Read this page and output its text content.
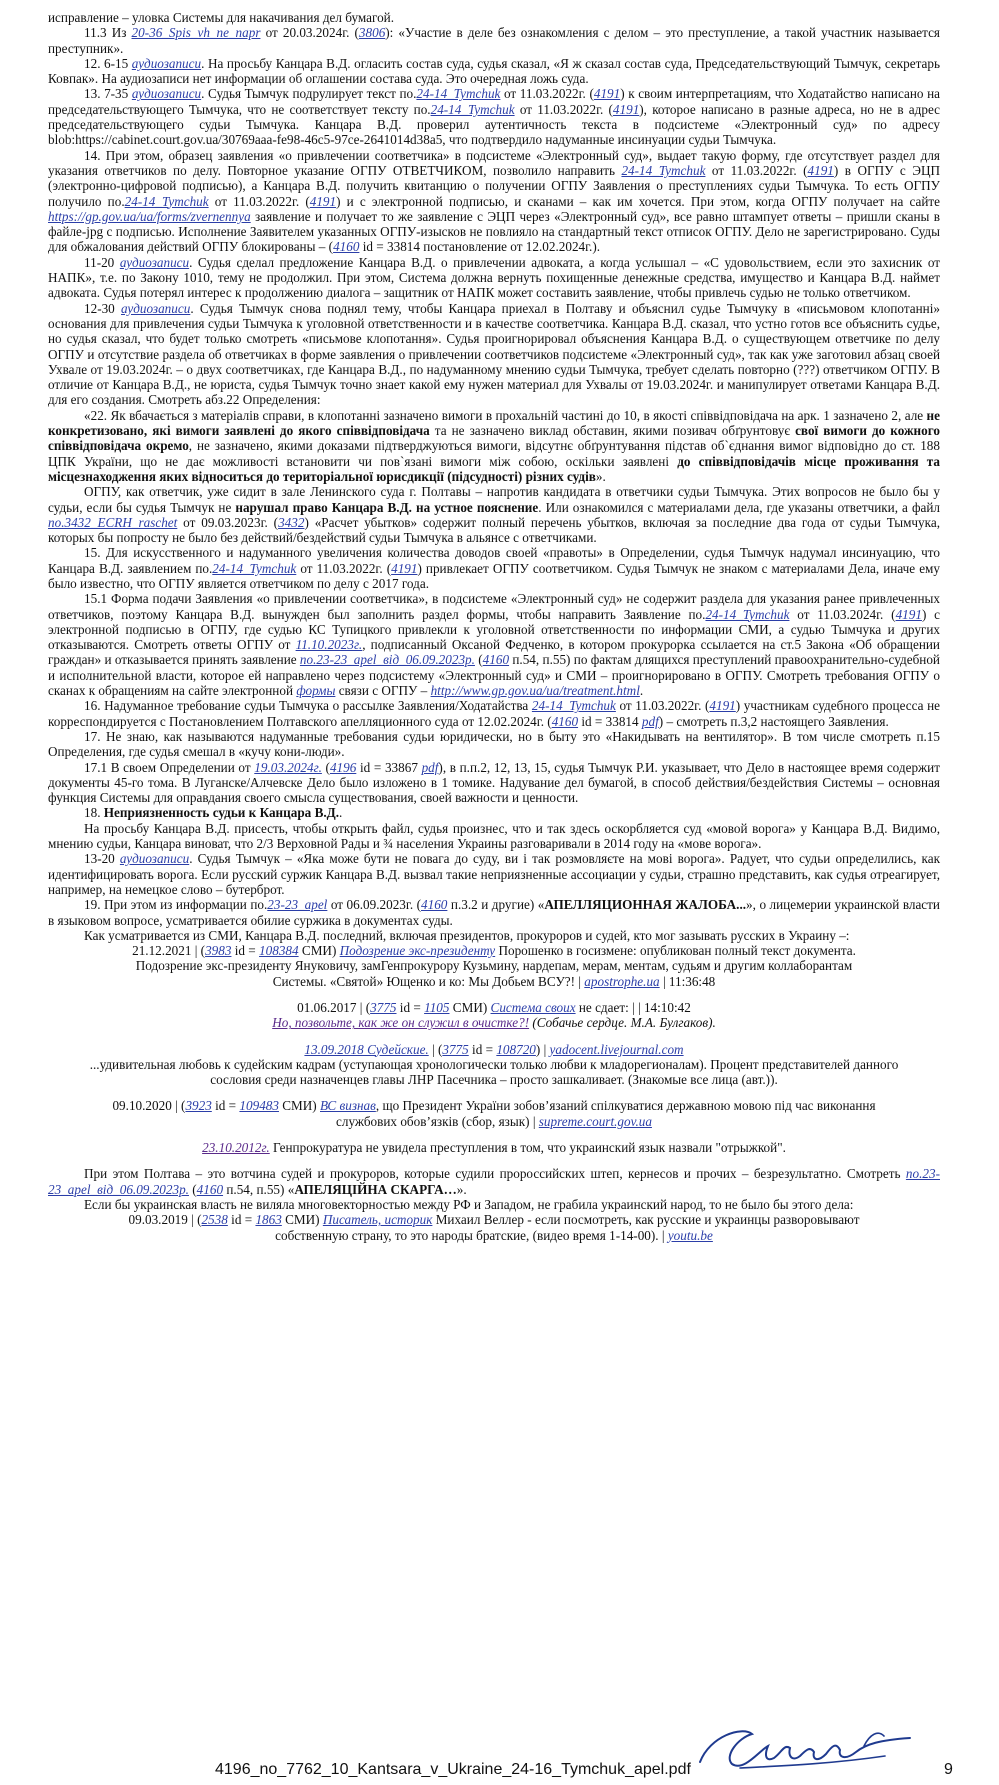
исправление – уловка Системы для накачивания дел бумагой.

11.3 Из 20-36_Spis_vh_ne_napr от 20.03.2024г. (3806): «Участие в деле без ознакомления с делом – это преступление, а такой участник называется преступник».

12. 6-15 аудиозаписи. На просьбу Канцара В.Д. огласить состав суда, судья сказал, «Я ж сказал состав суда, Председательствующий Тымчук, секретарь Ковпак». На аудиозаписи нет информации об оглашении состава суда. Это очередная ложь суда.

13. 7-35 аудиозаписи. Судья Тымчук подрулирует текст по.24-14_Tymchuk от 11.03.2022г. (4191) к своим интерпретациям, что Ходатайство написано на председательствующего Тымчука, что не соответствует тексту по.24-14_Tymchuk от 11.03.2022г. (4191), которое написано в разные адреса, но не в адрес председательствующего судьи Тымчука. Канцара В.Д. проверил аутентичность текста в подсистеме «Электронный суд» по адресу blob:https://cabinet.court.gov.ua/30769aaa-fe98-46c5-97ce-2641014d38a5, что подтвердило надуманные инсинуации судьи Тымчука.

14. При этом, образец заявления «о привлечении соответчика» в подсистеме «Электронный суд», выдает такую форму, где отсутствует раздел для указания ответчиков по делу. Повторное указание ОГПУ ОТВЕТЧИКОМ, позволило направить 24-14_Tymchuk от 11.03.2022г. (4191) в ОГПУ с ЭЦП (электронно-цифровой подписью), а Канцара В.Д. получить квитанцию о получении ОГПУ Заявления о преступлениях судьи Тымчука. То есть ОГПУ получило по.24-14_Tymchuk от 11.03.2022г. (4191) и с электронной подписью, и сканами – как им хочется. При этом, когда ОГПУ получает на сайте https://gp.gov.ua/ua/forms/zvernennya заявление и получает то же заявление с ЭЦП через «Электронный суд», все равно штампует ответы – пришли сканы в файле-jpg с подписью. Исполнение Заявителем указанных ОГПУ-изысков не повлияло на стандартный текст отписок ОГПУ. Дело не зарегистрировано. Суды для обжалования действий ОГПУ блокированы – (4160 id = 33814 постановление от 12.02.2024г.).

11-20 аудиозаписи. Судья сделал предложение Канцара В.Д. о привлечении адвоката, а когда услышал – «С удовольствием, если это захисник от НАПК», т.е. по Закону 1010, тему не продолжил. При этом, Система должна вернуть похищенные денежные средства, имущество и Канцара В.Д. наймет адвоката. Судья потерял интерес к продолжению диалога – защитник от НАПК может составить заявление, чтобы привлечь судью не только ответчиком.

12-30 аудиозаписи. Судья Тымчук снова поднял тему, чтобы Канцара приехал в Полтаву и объяснил судье Тымчуку в «письмовом клопотанні» основания для привлечения судьи Тымчука к уголовной ответственности и в качестве соответчика. Канцара В.Д. сказал, что устно готов все объяснить судье, но судья сказал, что будет только смотреть «письмове клопотання». Судья проигнорировал объяснения Канцара В.Д. о существующем ответчике по делу ОГПУ и отсутствие раздела об ответчиках в форме заявления о привлечении соответчиков подсистеме «Электронный суд», так как уже заготовил абзац своей Ухвале от 19.03.2024г. – о двух соответчиках, где Канцара В.Д., по надуманному мнению судьи Тымчука, требует сделать повторно (???) ответчиком ОГПУ. В отличие от Канцара В.Д., не юриста, судья Тымчук точно знает какой ему нужен материал для Ухвалы от 19.03.2024г. и манипулирует ответами Канцара В.Д. для его создания. Смотреть абз.22 Определения:

«22. Як вбачається з матеріалів справи, в клопотанні зазначено вимоги в прохальній частині до 10, в якості співвідповідача на арк. 1 зазначено 2, але не конкретизовано, які вимоги заявлені до якого співвідповідача та не зазначено виклад обставин, якими позивач обґрунтовує свої вимоги до кожного співвідповідача окремо, не зазначено, якими доказами підтверджуються вимоги, відсутнє обґрунтування підстав об`єднання вимог відповідно до ст. 188 ЦПК України, що не дає можливості встановити чи пов`язані вимоги між собою, оскільки заявлені до співвідповідачів місце проживання та місцезнаходження яких відноситься до територіальної юрисдикції (підсудності) різних судів».

ОГПУ, как ответчик, уже сидит в зале Ленинского суда г. Полтавы – напротив кандидата в ответчики судьи Тымчука. Этих вопросов не было бы у судьи, если бы судья Тымчук не нарушал право Канцара В.Д. на устное пояснение. Или ознакомился с материалами дела, где указаны ответчики, а файл no.3432_ECRH_raschet от 09.03.2023г. (3432) «Расчет убытков» содержит полный перечень убытков, включая за последние два года от судьи Тымчука, которых бы попросту не было без действий/бездействий судьи Тымчука в альянсе с ответчиками.

15. Для искусственного и надуманного увеличения количества доводов своей «правоты» в Определении, судья Тымчук надумал инсинуацию, что Канцара В.Д. заявлением по.24-14_Tymchuk от 11.03.2022г. (4191) привлекает ОГПУ соответчиком. Судья Тымчук не знаком с материалами Дела, иначе ему было известно, что ОГПУ является ответчиком по делу с 2017 года.

15.1 Форма подачи Заявления «о привлечении соответчика», в подсистеме «Электронный суд» не содержит раздела для указания ранее привлеченных ответчиков, поэтому Канцара В.Д. вынужден был заполнить раздел формы, чтобы направить Заявление по.24-14_Tymchuk от 11.03.2024г. (4191) с электронной подписью в ОГПУ, где судью КС Тупицкого привлекли к уголовной ответственности по информации СМИ, а судью Тымчука и других отказываются. Смотреть ответы ОГПУ от 11.10.2023г., подписанный Оксаной Федченко, в котором прокурорка ссылается на ст.5 Закона «Об обращении граждан» и отказывается принять заявление no.23-23_apel_від_06.09.2023р. (4160 п.54, п.55) по фактам длящихся преступлений правоохранительно-судебной и исполнительной власти, которое ей направлено через подсистему «Электронный суд» и СМИ – проигнорировано в ОГПУ. Смотреть требования ОГПУ о сканах к обращениям на сайте электронной формы связи с ОГПУ – http://www.gp.gov.ua/ua/treatment.html.

16. Надуманное требование судьи Тымчука о рассылке Заявления/Ходатайства 24-14_Tymchuk от 11.03.2022г. (4191) участникам судебного процесса не корреспондируется с Постановлением Полтавского апелляционного суда от 12.02.2024г. (4160 id = 33814 pdf) – смотреть п.3,2 настоящего Заявления.

17. Не знаю, как называются надуманные требования судьи юридически, но в быту это «Накидывать на вентилятор». В том числе смотреть п.15 Определения, где судья смешал в «кучу кони-люди».

17.1 В своем Определении от 19.03.2024г. (4196 id = 33867 pdf), в п.п.2, 12, 13, 15, судья Тымчук Р.И. указывает, что Дело в настоящее время содержит документы 45-го тома. В Луганске/Алчевске Дело было изложено в 1 томике. Надувание дел бумагой, в способ действия/бездействия Системы – основная функция Системы для оправдания своего смысла существования, своей важности и ценности.

18. Неприязненность судьи к Канцара В.Д..

На просьбу Канцара В.Д. присесть, чтобы открыть файл, судья произнес, что и так здесь оскорбляется суд «мовой ворога» у Канцара В.Д. Видимо, мнению судьи, Канцара виноват, что 2/3 Верховной Рады и ¾ населения Украины разговаривали в 2014 году на «мове ворога».

13-20 аудиозаписи. Судья Тымчук – «Яка може бути не повага до суду, ви і так розмовляєте на мові ворога». Радует, что судьи определились, как идентифицировать ворога. Если русский суржик Канцара В.Д. вызвал такие неприязненные ассоциации у судьи, страшно представить, как судья отреагирует, например, на немецкое слово – бутерброт.

19. При этом из информации по.23-23_apel от 06.09.2023г. (4160 п.3.2 и другие) «АПЕЛЛЯЦИОННАЯ ЖАЛОБА...», о лицемерии украинской власти в языковом вопросе, усматривается обилие суржика в документах суды.

Как усматривается из СМИ, Канцара В.Д. последний, включая президентов, прокуроров и судей, кто мог зазывать русских в Украину –:

21.12.2021 | (3983 id = 108384 СМИ) Подозрение экс-президенту Порошенко в госизмене: опубликован полный текст документа. Подозрение экс-президенту Януковичу, замГенпрокурору Кузьмину, нардепам, мерам, ментам, судьям и другим коллаборантам Системы. «Святой» Ющенко и ко: Мы Добьем ВСУ?! | apostrophe.ua | 11:36:48

01.06.2017 | (3775 id = 1105 СМИ) Система своих не сдает: | | 14:10:42

Но, позвольте, как же он служил в очистке?! (Собачье сердце. М.А. Булгаков).

13.09.2018 Судейские. | (3775 id = 108720) | yadocent.livejournal.com

...удивительная любовь к судейским кадрам (уступающая хронологически только любви к младорегионалам). Процент представителей данного сословия среди назначенцев главы ЛНР Пасечника – просто зашкаливает. (Знакомые все лица (авт.)).

09.10.2020 | (3923 id = 109483 СМИ) ВС визнав, що Президент України зобов’язаний спілкуватися державною мовою під час виконання службових обов’язків (сбор, язык) | supreme.court.gov.ua

23.10.2012г. Генпрокуратура не увидела преступления в том, что украинский язык назвали "отрыжкой".

При этом Полтава – это вотчина судей и прокуроров, которые судили пророссийских штеп, кернесов и прочих – безрезультатно. Смотреть no.23-23_apel_від_06.09.2023р. (4160 п.54, п.55) «АПЕЛЯЦІЙНА СКАРГА…».

Если бы украинская власть не виляла многовекторностью между РФ и Западом, не грабила украинский народ, то не было бы этого дела:

09.03.2019 | (2538 id = 1863 СМИ) Писатель, историк Михаил Веллер - если посмотреть, как русские и украинцы разворовывают собственную страну, то это народы братские, (видео время 1-14-00). | youtu.be

4196_no_7762_10_Kantsara_v_Ukraine_24-16_Tymchuk_apel.pdf	9
